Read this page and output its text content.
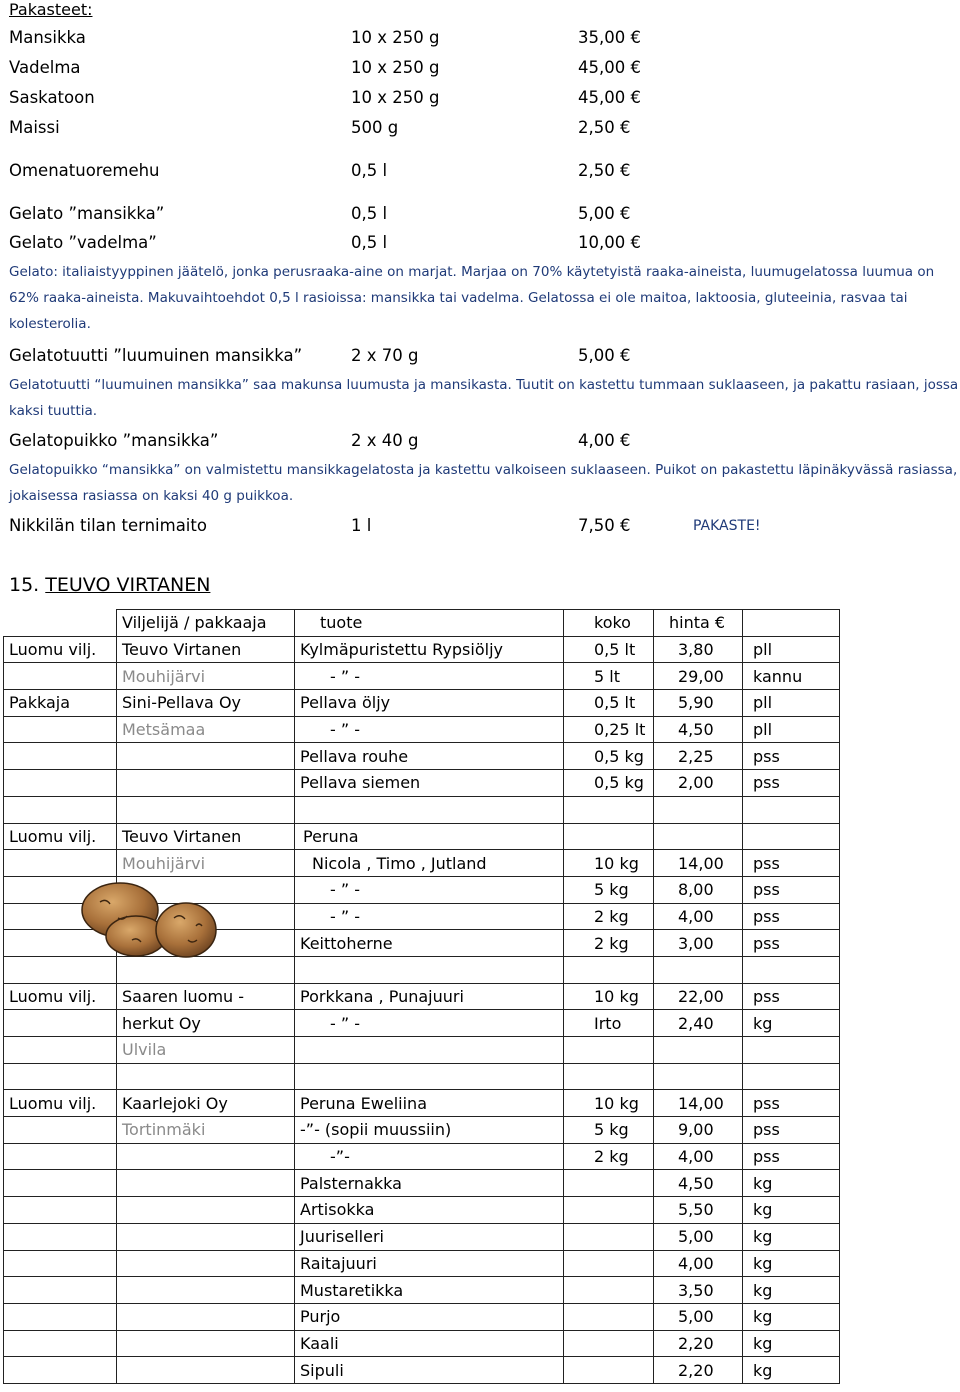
Pakasteet:
Mansikka	10 x 250 g	35,00 €
Vadelma	10 x 250 g	45,00 €
Saskatoon	10 x 250 g	45,00 €
Maissi	500 g	2,50 €
Omenatuoremehu	0,5 l	2,50 €
Gelato ”mansikka”	0,5 l	5,00 €
Gelato ”vadelma”	0,5 l	10,00 €
Gelato: italiaistyyppinen jäätelö, jonka perusraaka-aine on marjat. Marjaa on 70% käytetyistä raaka-aineista, luumugelatossa luumua on 62% raaka-aineista. Makuvaihtoehdot 0,5 l rasioissa: mansikka tai vadelma. Gelatossa ei ole maitoa, laktoosia, gluteeinia, rasvaa tai kolesterolia.
Gelatotuutti ”luumuinen mansikka”	2 x 70 g	5,00 €
Gelatotuutti “luumuinen mansikka” saa makunsa luumusta ja mansikasta. Tuutit on kastettu tummaan suklaaseen, ja pakattu rasiaan, jossa kaksi tuuttia.
Gelatopuikko ”mansikka”	2 x 40 g	4,00 €
Gelatopuikko “mansikka” on valmistettu mansikkagelatosta ja kastettu valkoiseen suklaaseen. Puikot on pakastettu läpinäkyvässä rasiassa, jokaisessa rasiassa on kaksi 40 g puikkoa.
Nikkilän tilan ternimaito	1 l	7,50 €	PAKASTE!
15. TEUVO VIRTANEN
	Viljelijä / pakkaaja	tuote	koko	hinta €	
Luomu vilj.	Teuvo Virtanen	Kylmäpuristettu Rypsiöljy	0,5 lt	3,80	pll
	Mouhijärvi	- ” -	5 lt	29,00	kannu
Pakkaja	Sini-Pellava Oy	Pellava öljy	0,5 lt	5,90	pll
	Metsämaa	- ” -	0,25 lt	4,50	pll
		Pellava rouhe	0,5 kg	2,25	pss
		Pellava siemen	0,5 kg	2,00	pss

Luomu vilj.	Teuvo Virtanen	Peruna			
	Mouhijärvi	Nicola , Timo , Jutland	10 kg	14,00	pss
		- ” -	5 kg	8,00	pss
		- ” -	2 kg	4,00	pss
		Keittoherne	2 kg	3,00	pss

Luomu vilj.	Saaren luomu -	Porkkana , Punajuuri	10 kg	22,00	pss
	herkut Oy	- ” -	Irto	2,40	kg
	Ulvila				

Luomu vilj.	Kaarlejoki Oy	Peruna Eweliina	10 kg	14,00	pss
	Tortinmäki	-”- (sopii muussiin)	5 kg	9,00	pss
		-”-	2 kg	4,00	pss
		Palsternakka		4,50	kg
		Artisokka		5,50	kg
		Juuriselleri		5,00	kg
		Raitajuuri		4,00	kg
		Mustaretikka		3,50	kg
		Purjo		5,00	kg
		Kaali		2,20	kg
		Sipuli		2,20	kg
